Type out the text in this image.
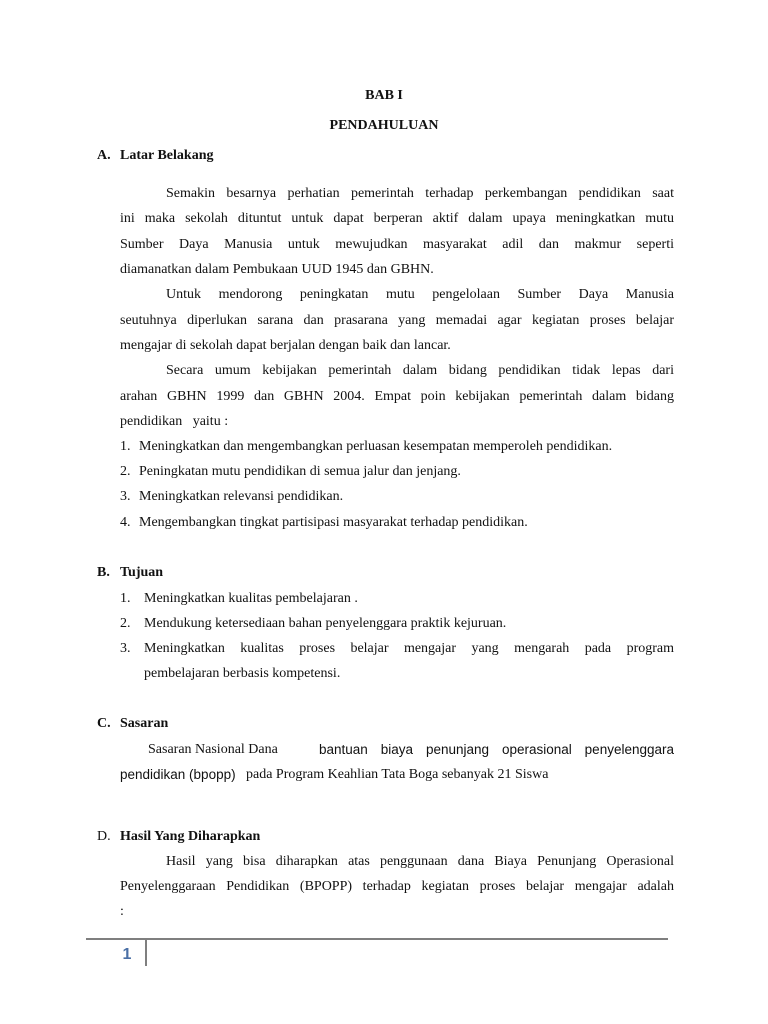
BAB I
PENDAHULUAN
A. Latar Belakang
Semakin besarnya perhatian pemerintah terhadap perkembangan pendidikan saat
ini maka sekolah dituntut untuk dapat berperan aktif dalam upaya meningkatkan mutu
Sumber Daya Manusia untuk mewujudkan masyarakat adil dan makmur seperti
diamanatkan dalam Pembukaan UUD 1945 dan GBHN.
Untuk mendorong peningkatan mutu pengelolaan Sumber Daya Manusia
seutuhnya diperlukan sarana dan prasarana yang memadai agar kegiatan proses belajar
mengajar di sekolah dapat berjalan dengan baik dan lancar.
Secara umum kebijakan pemerintah dalam bidang pendidikan tidak lepas dari
arahan GBHN 1999 dan GBHN 2004. Empat poin kebijakan pemerintah dalam bidang
pendidikan   yaitu :
1. Meningkatkan dan mengembangkan perluasan kesempatan memperoleh pendidikan.
2. Peningkatan mutu pendidikan di semua jalur dan jenjang.
3. Meningkatkan relevansi pendidikan.
4. Mengembangkan tingkat partisipasi masyarakat terhadap pendidikan.
B. Tujuan
1. Meningkatkan kualitas pembelajaran .
2. Mendukung ketersediaan bahan penyelenggara praktik kejuruan.
3. Meningkatkan kualitas proses belajar mengajar yang mengarah pada program
pembelajaran berbasis kompetensi.
C. Sasaran
Sasaran Nasional Dana	bantuan biaya penunjang operasional penyelenggara
pendidikan (bpopp) pada Program Keahlian Tata Boga sebanyak 21 Siswa
D. Hasil Yang Diharapkan
Hasil yang bisa diharapkan atas penggunaan dana Biaya Penunjang Operasional
Penyelenggaraan Pendidikan (BPOPP) terhadap kegiatan proses belajar mengajar adalah
:
1
